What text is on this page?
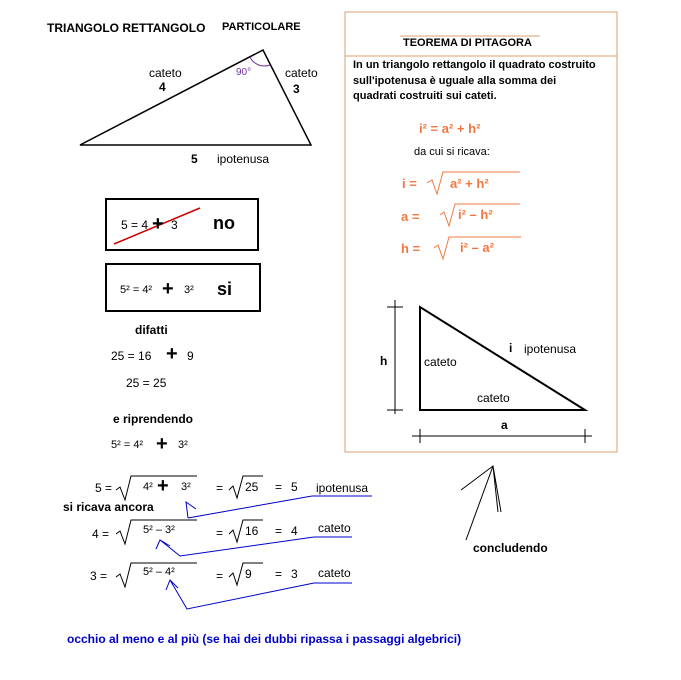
TRIANGOLO RETTANGOLO PARTICOLARE
90°
cateto
4
cateto
3
5 ipotenusa
5 = 4 + 3 no
5² = 4² + 3² si
difatti
25 = 16 + 9
25 = 25
e riprendendo
5² = 4² + 3²
5 =	4² + 3² = 25 = 5 ipotenusa
si ricava ancora
4 =	5² – 3²	= 16 = 4 cateto
3 =	5² – 4²	= 9 = 3 cateto
TEOREMA DI PITAGORA
In un triangolo rettangolo il quadrato costruito
sull'ipotenusa è uguale alla somma dei
quadrati costruiti sui cateti.
i² = a² + h²
da cui si ricava:
i =	a² + h²
a =	i² – h²
h =	i² – a²
h	cateto
i ipotenusa
cateto
a
concludendo
occhio al meno e al più (se hai dei dubbi ripassa i passaggi algebrici)
